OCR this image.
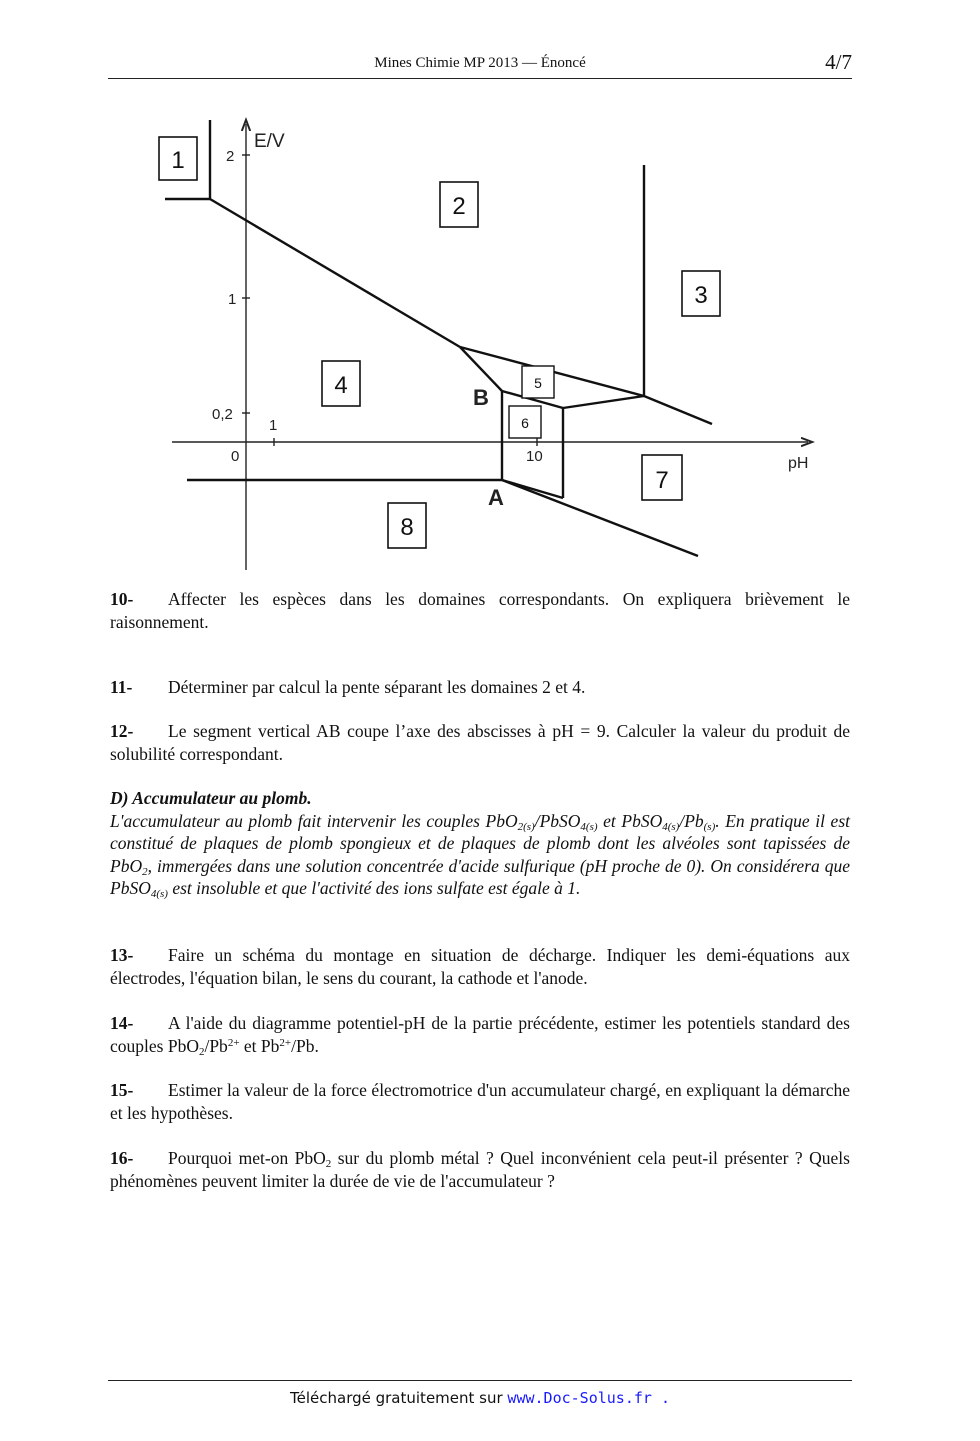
Mines Chimie MP 2013 — Énoncé	4/7
E/V
pH
2
1
0,2
0
1
10
B
A
1
2
3
4	5
6
7
8
10- Affecter les espèces dans les domaines correspondants. On expliquera brièvement le raisonnement.
11- Déterminer par calcul la pente séparant les domaines 2 et 4.
12- Le segment vertical AB coupe l’axe des abscisses à pH = 9. Calculer la valeur du produit de solubilité correspondant.
D) Accumulateur au plomb.
L'accumulateur au plomb fait intervenir les couples PbO$_{2(s)}$/PbSO$_{4(s)}$ et $PbSO_{4(s)}/Pb_{(s)}$. En pratique il est constitué de plaques de plomb spongieux et de plaques de plomb dont les alvéoles sont tapissées de PbO$_2$, immergées dans une solution concentrée d'acide sulfurique (pH proche de 0). On considérera que PbSO$_{4(s)}$ est insoluble et que l'activité des ions sulfate est égale à 1.
13- Faire un schéma du montage en situation de décharge. Indiquer les demi-équations aux électrodes, l'équation bilan, le sens du courant, la cathode et l'anode.
14- A l'aide du diagramme potentiel-pH de la partie précédente, estimer les potentiels standard des couples $PbO_2/Pb^{2+}$ et $Pb^{2+}/Pb$.
15- Estimer la valeur de la force électromotrice d'un accumulateur chargé, en expliquant la démarche et les hypothèses.
16- Pourquoi met-on PbO$_2$ sur du plomb métal ? Quel inconvénient cela peut-il présenter ? Quels phénomènes peuvent limiter la durée de vie de l'accumulateur ?
Téléchargé gratuitement sur www.Doc-Solus.fr .
